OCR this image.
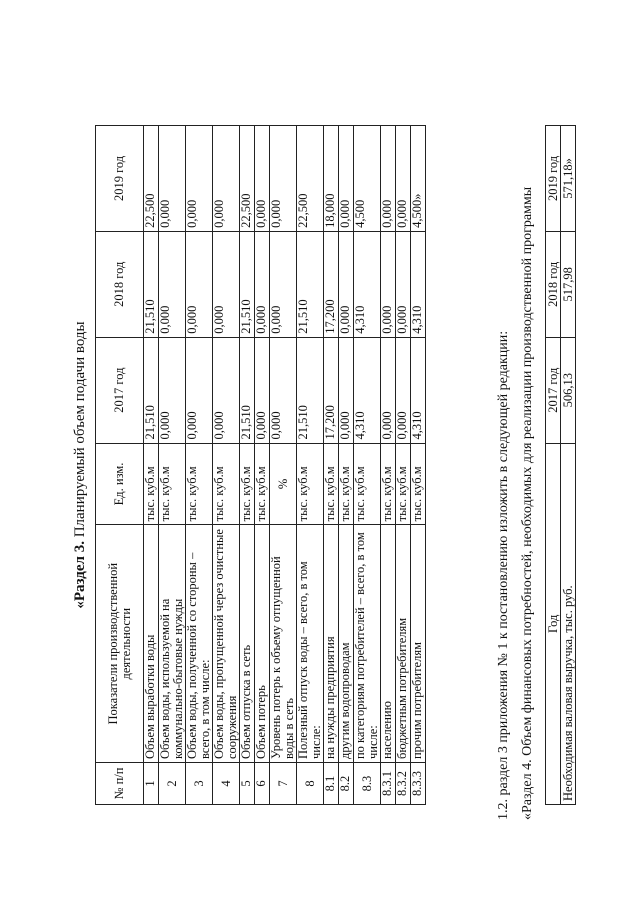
«Раздел 3. Планируемый объем подачи воды
№ п/п	Показатели производственной деятельности	Ед. изм.	2017 год	2018 год	2019 год
1	Объем выработки воды	тыс. куб.м	21,510	21,510	22,500
2	Объем воды, используемой на коммунально-бытовые нужды	тыс. куб.м	0,000	0,000	0,000
3	Объем воды, полученной со стороны – всего, в том числе:	тыс. куб.м	0,000	0,000	0,000
4	Объем воды, пропущенной через очистные сооружения	тыс. куб.м	0,000	0,000	0,000
5	Объем отпуска в сеть	тыс. куб.м	21,510	21,510	22,500
6	Объем потерь	тыс. куб.м	0,000	0,000	0,000
7	Уровень потерь к объему отпущенной воды в сеть	%	0,000	0,000	0,000
8	Полезный отпуск воды – всего, в том числе:	тыс. куб.м	21,510	21,510	22,500
8.1	на нужды предприятия	тыс. куб.м	17,200	17,200	18,000
8.2	другим водопроводам	тыс. куб.м	0,000	0,000	0,000
8.3	по категориям потребителей – всего, в том числе:	тыс. куб.м	4,310	4,310	4,500
8.3.1	населению	тыс. куб.м	0,000	0,000	0,000
8.3.2	бюджетным потребителям	тыс. куб.м	0,000	0,000	0,000
8.3.3	прочим потребителям	тыс. куб.м	4,310	4,310	4,500»
1.2. раздел 3 приложения № 1 к постановлению изложить в следующей редакции: «Раздел 4. Объем финансовых потребностей, необходимых для реализации производственной программы Год	2017 год	2018 год	2019 год
Необходимая валовая выручка, тыс. руб.	506,13	517,98	571,18»
